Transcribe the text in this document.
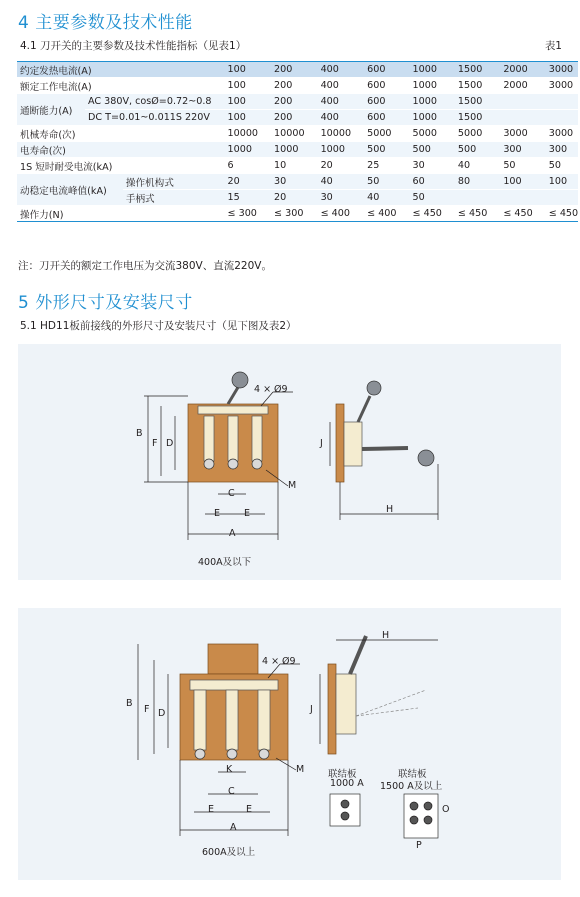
4 主要参数及技术性能
4.1 刀开关的主要参数及技术性能指标（见表1）	表1
约定发热电流(A)			100	200	400	600	1000	1500	2000	3000
额定工作电流(A)			100	200	400	600	1000	1500	2000	3000
通断能力(A)	AC 380V, cosØ=0.72~0.8		100	200	400	600	1000	1500		
	DC T=0.01~0.011S 220V		100	200	400	600	1000	1500		
机械寿命(次)			10000	10000	10000	5000	5000	5000	3000	3000
电寿命(次)			1000	1000	1000	500	500	500	300	300
1S 短时耐受电流(kA)			6	10	20	25	30	40	50	50
动稳定电流峰值(kA)		操作机构式	20	30	40	50	60	80	100	100
		手柄式	15	20	30	40	50			
操作力(N)			≤ 300	≤ 300	≤ 400	≤ 400	≤ 450	≤ 450	≤ 450	≤ 450
注：刀开关的额定工作电压为交流380V、直流220V。
5 外形尺寸及安装尺寸
5.1 HD11板前接线的外形尺寸及安装尺寸（见下图及表2）
4 × Ø9
B
F D
C
E	E
A
M
J
H
400A及以下
4 × Ø9
B
F D
K
C
E	E
A
M
J
H
P
O
联结板
1000 A
联结板
1500 A及以上
600A及以上
